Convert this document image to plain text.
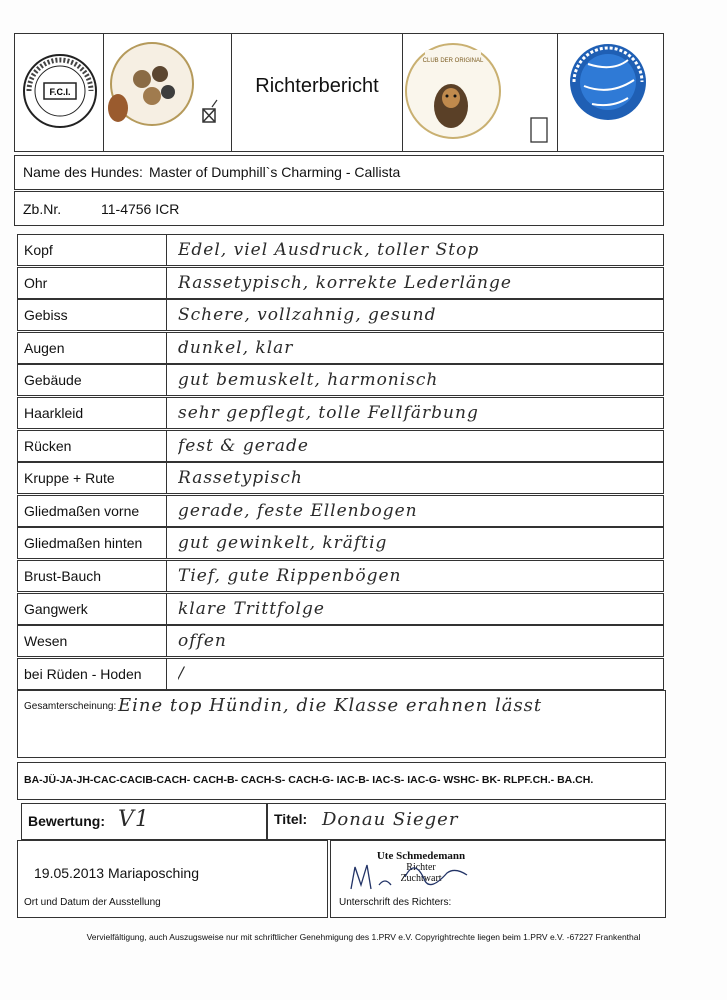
F.C.I.	Richterbericht
CLUB DER ORIGINAL
Name des Hundes: Master of Dumphill`s Charming - Callista
Zb.Nr.	11-4756 ICR
Kopf	Edel, viel Ausdruck, toller Stop
Ohr	Rassetypisch, korrekte Lederlänge
Gebiss	Schere, vollzahnig, gesund
Augen	dunkel, klar
Gebäude	gut bemuskelt, harmonisch
Haarkleid	sehr gepflegt, tolle Fellfärbung
Rücken	fest & gerade
Kruppe + Rute	Rassetypisch
Gliedmaßen vorne	gerade, feste Ellenbogen
Gliedmaßen hinten	gut gewinkelt, kräftig
Brust-Bauch	Tief, gute Rippenbögen
Gangwerk	klare Trittfolge
Wesen	offen
bei Rüden - Hoden	/
Gesamterscheinung: Eine top Hündin, die Klasse erahnen lässt
BA-JÜ-JA-JH-CAC-CACIB-CACH- CACH-B- CACH-S- CACH-G- IAC-B- IAC-S- IAC-G- WSHC- BK- RLPF.CH.- BA.CH.
Bewertung: V1	Titel: Donau Sieger
19.05.2013 Mariaposching
Ort und Datum der Ausstellung
Ute Schmedemann
Richter
Zuchtwart
Unterschrift des Richters:
Vervielfältigung, auch Auszugsweise nur mit schriftlicher Genehmigung des 1.PRV e.V. Copyrightrechte liegen beim 1.PRV e.V. -67227 Frankenthal
